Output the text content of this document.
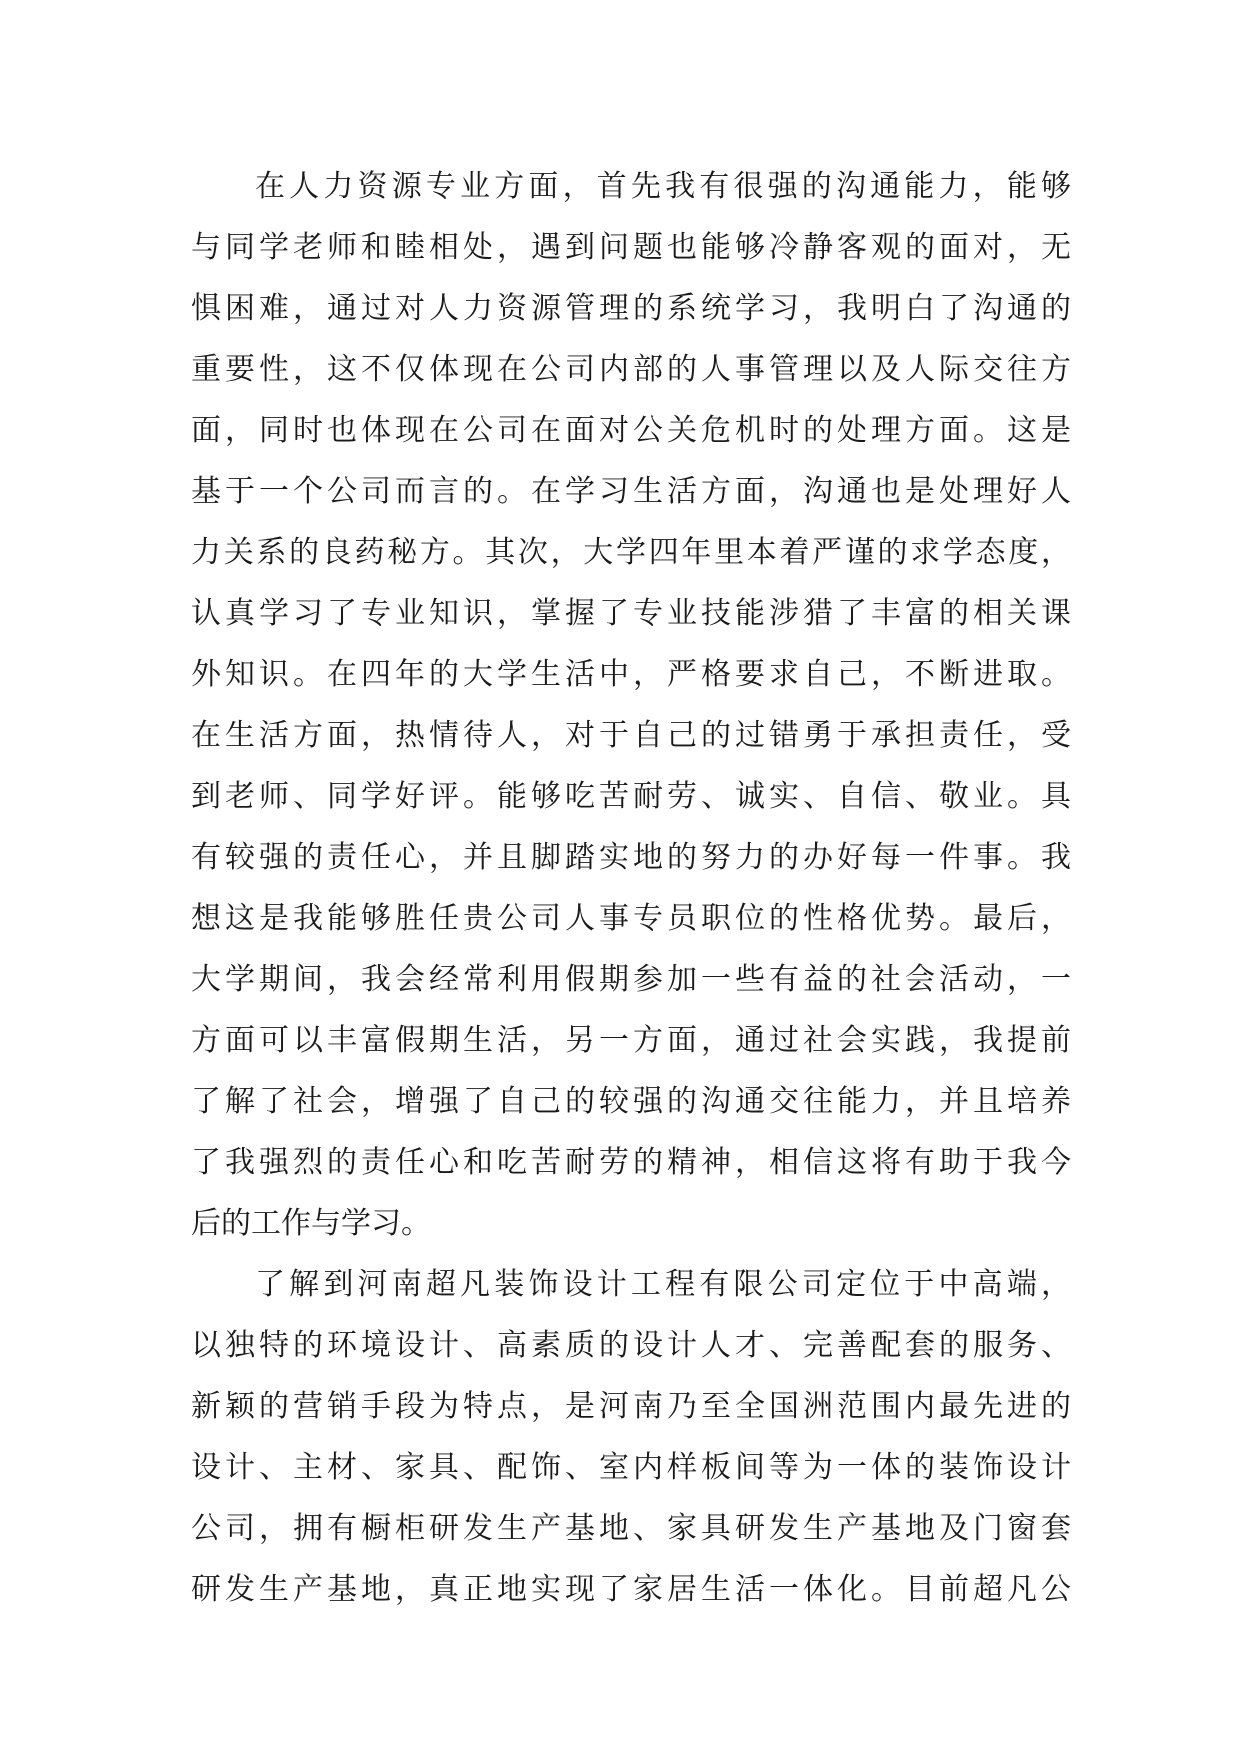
在人力资源专业方面，首先我有很强的沟通能力，能够
与同学老师和睦相处，遇到问题也能够冷静客观的面对，无
惧困难，通过对人力资源管理的系统学习，我明白了沟通的
重要性，这不仅体现在公司内部的人事管理以及人际交往方
面，同时也体现在公司在面对公关危机时的处理方面。这是
基于一个公司而言的。在学习生活方面，沟通也是处理好人
力关系的良药秘方。其次，大学四年里本着严谨的求学态度，
认真学习了专业知识，掌握了专业技能涉猎了丰富的相关课
外知识。在四年的大学生活中，严格要求自己，不断进取。
在生活方面，热情待人，对于自己的过错勇于承担责任，受
到老师、同学好评。能够吃苦耐劳、诚实、自信、敬业。具
有较强的责任心，并且脚踏实地的努力的办好每一件事。我
想这是我能够胜任贵公司人事专员职位的性格优势。最后，
大学期间，我会经常利用假期参加一些有益的社会活动，一
方面可以丰富假期生活，另一方面，通过社会实践，我提前
了解了社会，增强了自己的较强的沟通交往能力，并且培养
了我强烈的责任心和吃苦耐劳的精神，相信这将有助于我今
后的工作与学习。
了解到河南超凡装饰设计工程有限公司定位于中高端，
以独特的环境设计、高素质的设计人才、完善配套的服务、
新颖的营销手段为特点，是河南乃至全国洲范围内最先进的
设计、主材、家具、配饰、室内样板间等为一体的装饰设计
公司，拥有橱柜研发生产基地、家具研发生产基地及门窗套
研发生产基地，真正地实现了家居生活一体化。目前超凡公
